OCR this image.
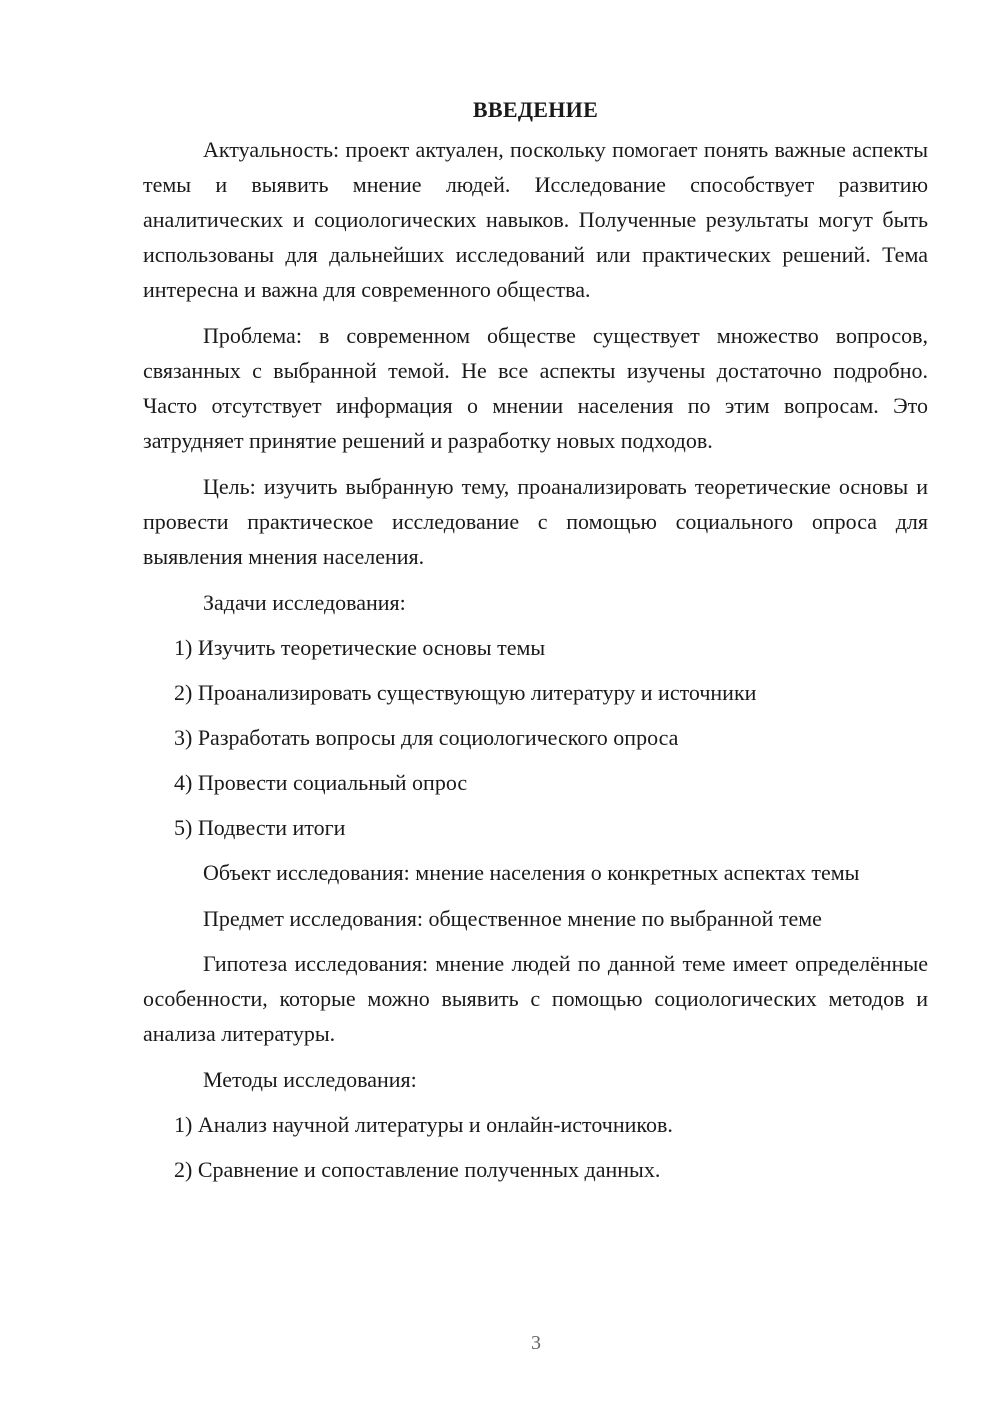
ВВЕДЕНИЕ

Актуальность: проект актуален, поскольку помогает понять важные аспекты темы и выявить мнение людей. Исследование способствует развитию аналитических и социологических навыков. Полученные результаты могут быть использованы для дальнейших исследований или практических решений. Тема интересна и важна для современного общества.

Проблема: в современном обществе существует множество вопросов, связанных с выбранной темой. Не все аспекты изучены достаточно подробно. Часто отсутствует информация о мнении населения по этим вопросам. Это затрудняет принятие решений и разработку новых подходов.

Цель: изучить выбранную тему, проанализировать теоретические основы и провести практическое исследование с помощью социального опроса для выявления мнения населения.

Задачи исследования:

1) Изучить теоретические основы темы
2) Проанализировать существующую литературу и источники
3) Разработать вопросы для социологического опроса
4) Провести социальный опрос
5) Подвести итоги

Объект исследования: мнение населения о конкретных аспектах темы

Предмет исследования: общественное мнение по выбранной теме

Гипотеза исследования: мнение людей по данной теме имеет определённые особенности, которые можно выявить с помощью социологических методов и анализа литературы.

Методы исследования:

1) Анализ научной литературы и онлайн-источников.
2) Сравнение и сопоставление полученных данных.
3
